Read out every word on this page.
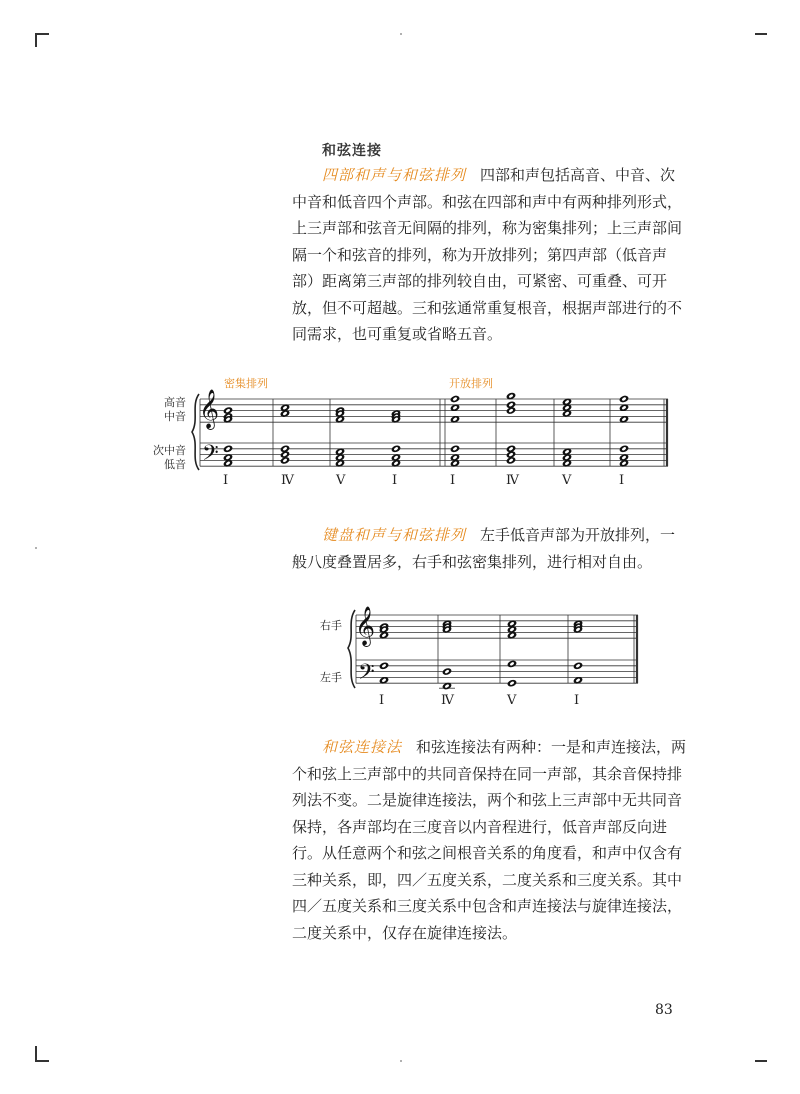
和弦连接

四部和声与和弦排列 四部和声包括高音、中音、次中音和低音四个声部。和弦在四部和声中有两种排列形式，上三声部和弦音无间隔的排列，称为密集排列；上三声部间隔一个和弦音的排列，称为开放排列；第四声部（低音声部）距离第三声部的排列较自由，可紧密、可重叠、可开放，但不可超越。三和弦通常重复根音，根据声部进行的不同需求，也可重复或省略五音。

密集排列	开放排列
高音
中音
次中音
低音
𝄞
𝄢
I	Ⅳ	V	I	I	Ⅳ	V	I

键盘和声与和弦排列 左手低音声部为开放排列，一般八度叠置居多，右手和弦密集排列，进行相对自由。

右手
左手
𝄞
𝄢
I	Ⅳ	V	I

和弦连接法 和弦连接法有两种：一是和声连接法，两个和弦上三声部中的共同音保持在同一声部，其余音保持排列法不变。二是旋律连接法，两个和弦上三声部中无共同音保持，各声部均在三度音以内音程进行，低音声部反向进行。从任意两个和弦之间根音关系的角度看，和声中仅含有三种关系，即，四／五度关系，二度关系和三度关系。其中四／五度关系和三度关系中包含和声连接法与旋律连接法，二度关系中，仅存在旋律连接法。

83
